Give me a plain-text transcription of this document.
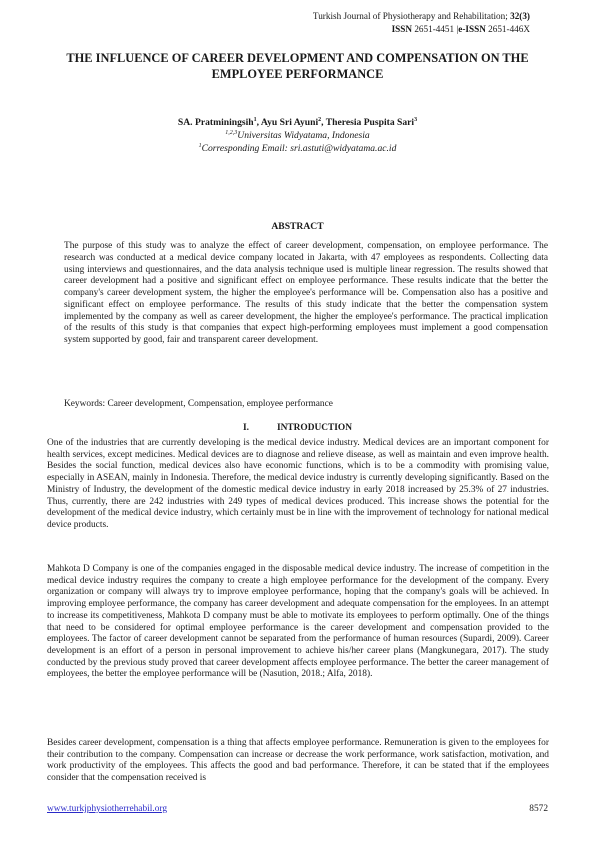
Turkish Journal of Physiotherapy and Rehabilitation; 32(3)
ISSN 2651-4451 |e-ISSN 2651-446X
THE INFLUENCE OF CAREER DEVELOPMENT AND COMPENSATION ON THE EMPLOYEE PERFORMANCE
SA. Pratminingsih$^1$, Ayu Sri Ayuni$^2$, Theresia Puspita Sari$^3$
$^{1,2,3}$Universitas Widyatama, Indonesia
$^1$Corresponding Email: sri.astuti@widyatama.ac.id
ABSTRACT
The purpose of this study was to analyze the effect of career development, compensation, on employee performance. The research was conducted at a medical device company located in Jakarta, with 47 employees as respondents. Collecting data using interviews and questionnaires, and the data analysis technique used is multiple linear regression. The results showed that career development had a positive and significant effect on employee performance. These results indicate that the better the company's career development system, the higher the employee's performance will be. Compensation also has a positive and significant effect on employee performance. The results of this study indicate that the better the compensation system implemented by the company as well as career development, the higher the employee's performance. The practical implication of the results of this study is that companies that expect high-performing employees must implement a good compensation system supported by good, fair and transparent career development.
Keywords: Career development, Compensation, employee performance
I.	INTRODUCTION
One of the industries that are currently developing is the medical device industry. Medical devices are an important component for health services, except medicines. Medical devices are to diagnose and relieve disease, as well as maintain and even improve health. Besides the social function, medical devices also have economic functions, which is to be a commodity with promising value, especially in ASEAN, mainly in Indonesia. Therefore, the medical device industry is currently developing significantly. Based on the Ministry of Industry, the development of the domestic medical device industry in early 2018 increased by 25.3% of 27 industries. Thus, currently, there are 242 industries with 249 types of medical devices produced. This increase shows the potential for the development of the medical device industry, which certainly must be in line with the improvement of technology for national medical device products.
Mahkota D Company is one of the companies engaged in the disposable medical device industry. The increase of competition in the medical device industry requires the company to create a high employee performance for the development of the company. Every organization or company will always try to improve employee performance, hoping that the company's goals will be achieved. In improving employee performance, the company has career development and adequate compensation for the employees. In an attempt to increase its competitiveness, Mahkota D company must be able to motivate its employees to perform optimally. One of the things that need to be considered for optimal employee performance is the career development and compensation provided to the employees. The factor of career development cannot be separated from the performance of human resources (Supardi, 2009). Career development is an effort of a person in personal improvement to achieve his/her career plans (Mangkunegara, 2017). The study conducted by the previous study proved that career development affects employee performance. The better the career management of employees, the better the employee performance will be (Nasution, 2018.; Alfa, 2018).
Besides career development, compensation is a thing that affects employee performance. Remuneration is given to the employees for their contribution to the company. Compensation can increase or decrease the work performance, work satisfaction, motivation, and work productivity of the employees. This affects the good and bad performance. Therefore, it can be stated that if the employees consider that the compensation received is
www.turkjphysiotherrehabil.org	8572
